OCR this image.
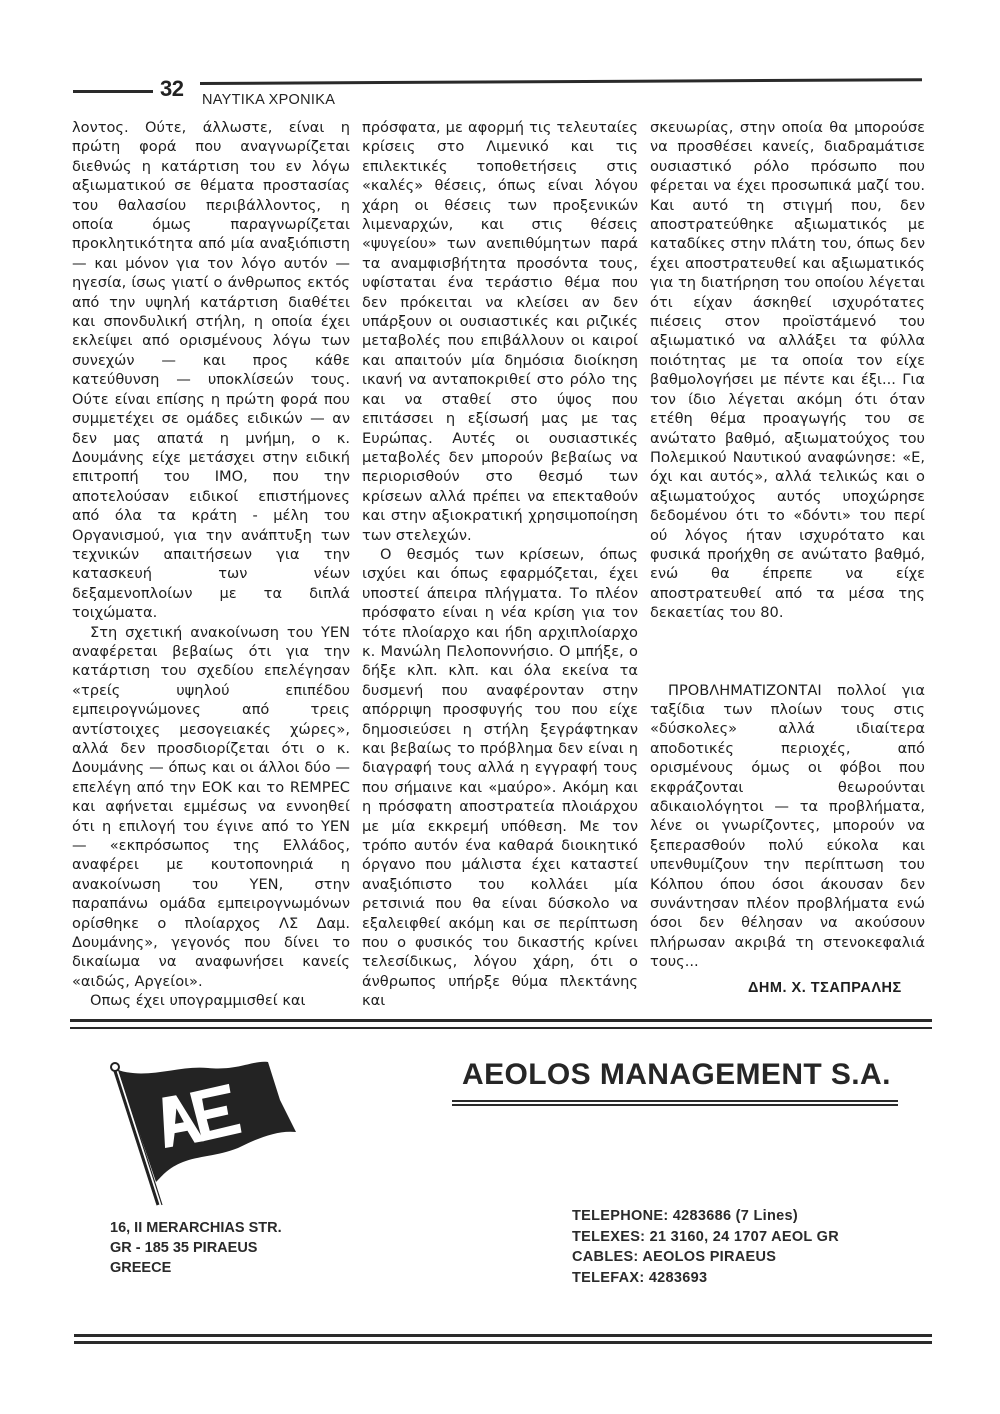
32 ΝΑΥΤΙΚΑ ΧΡΟΝΙΚΑ

λοντος. Ούτε, άλλωστε, είναι η πρώτη φορά που αναγνωρίζεται διεθνώς η κατάρτιση του εν λόγω αξιωματικού σε θέματα προστασίας του θαλασίου περιβάλλοντος, η οποία όμως παραγνωρίζεται προκλητικότητα από μία αναξιόπιστη — και μόνον για τον λόγο αυτόν — ηγεσία, ίσως γιατί ο άνθρωπος εκτός από την υψηλή κατάρτιση διαθέτει και σπονδυλική στήλη, η οποία έχει εκλείψει από ορισμένους λόγω των συνεχών — και προς κάθε κατεύθυνση — υποκλίσεών τους. Ούτε είναι επίσης η πρώτη φορά που συμμετέχει σε ομάδες ειδικών — αν δεν μας απατά η μνήμη, ο κ. Δουμάνης είχε μετάσχει στην ειδική επιτροπή του ΙΜΟ, που την αποτελούσαν ειδικοί επιστήμονες από όλα τα κράτη - μέλη του Οργανισμού, για την ανάπτυξη των τεχνικών απαιτήσεων για την κατασκευή των νέων δεξαμενοπλοίων με τα διπλά τοιχώματα.

Στη σχετική ανακοίνωση του ΥΕΝ αναφέρεται βεβαίως ότι για την κατάρτιση του σχεδίου επελέγησαν «τρείς υψηλού επιπέδου εμπειρογνώμονες από τρεις αντίστοιχες μεσογειακές χώρες», αλλά δεν προσδιορίζεται ότι ο κ. Δουμάνης — όπως και οι άλλοι δύο — επελέγη από την ΕΟΚ και το REMPEC και αφήνεται εμμέσως να εννοηθεί ότι η επιλογή του έγινε από το ΥΕΝ — «εκπρόσωπος της Ελλάδος, αναφέρει με κουτοπονηριά η ανακοίνωση του ΥΕΝ, στην παραπάνω ομάδα εμπειρογνωμόνων ορίσθηκε ο πλοίαρχος ΛΣ Δαμ. Δουμάνης», γεγονός που δίνει το δικαίωμα να αναφωνήσει κανείς «αιδώς, Αργείοι».

Οπως έχει υπογραμμισθεί και

πρόσφατα, με αφορμή τις τελευταίες κρίσεις στο Λιμενικό και τις επιλεκτικές τοποθετήσεις στις «καλές» θέσεις, όπως είναι λόγου χάρη οι θέσεις των προξενικών λιμεναρχών, και στις θέσεις «ψυγείου» των ανεπιθύμητων παρά τα αναμφισβήτητα προσόντα τους, υφίσταται ένα τεράστιο θέμα που δεν πρόκειται να κλείσει αν δεν υπάρξουν οι ουσιαστικές και ριζικές μεταβολές που επιβάλλουν οι καιροί και απαιτούν μία δημόσια διοίκηση ικανή να ανταποκριθεί στο ρόλο της και να σταθεί στο ύψος που επιτάσσει η εξίσωσή μας με τας Ευρώπας. Αυτές οι ουσιαστικές μεταβολές δεν μπορούν βεβαίως να περιορισθούν στο θεσμό των κρίσεων αλλά πρέπει να επεκταθούν και στην αξιοκρατική χρησιμοποίηση των στελεχών.

Ο θεσμός των κρίσεων, όπως ισχύει και όπως εφαρμόζεται, έχει υποστεί άπειρα πλήγματα. Το πλέον πρόσφατο είναι η νέα κρίση για τον τότε πλοίαρχο και ήδη αρχιπλοίαρχο κ. Μανώλη Πελοποννήσιο. Ο μπήξε, ο δήξε κλπ. κλπ. και όλα εκείνα τα δυσμενή που αναφέρονταν στην απόρριψη προσφυγής του που είχε δημοσιεύσει η στήλη ξεγράφτηκαν και βεβαίως το πρόβλημα δεν είναι η διαγραφή τους αλλά η εγγραφή τους που σήμαινε και «μαύρο». Ακόμη και η πρόσφατη αποστρατεία πλοιάρχου με μία εκκρεμή υπόθεση. Με τον τρόπο αυτόν ένα καθαρά διοικητικό όργανο που μάλιστα έχει καταστεί αναξιόπιστο του κολλάει μία ρετσινιά που θα είναι δύσκολο να εξαλειφθεί ακόμη και σε περίπτωση που ο φυσικός του δικαστής κρίνει τελεσίδικως, λόγου χάρη, ότι ο άνθρωπος υπήρξε θύμα πλεκτάνης και

σκευωρίας, στην οποία θα μπορούσε να προσθέσει κανείς, διαδραμάτισε ουσιαστικό ρόλο πρόσωπο που φέρεται να έχει προσωπικά μαζί του. Και αυτό τη στιγμή που, δεν αποστρατεύθηκε αξιωματικός με καταδίκες στην πλάτη του, όπως δεν έχει αποστρατευθεί και αξιωματικός για τη διατήρηση του οποίου λέγεται ότι είχαν άσκηθεί ισχυρότατες πιέσεις στον προϊστάμενό του αξιωματικό να αλλάξει τα φύλλα ποιότητας με τα οποία τον είχε βαθμολογήσει με πέντε και έξι... Για τον ίδιο λέγεται ακόμη ότι όταν ετέθη θέμα προαγωγής του σε ανώτατο βαθμό, αξιωματούχος του Πολεμικού Ναυτικού αναφώνησε: «Ε, όχι και αυτός», αλλά τελικώς και ο αξιωματούχος αυτός υποχώρησε δεδομένου ότι το «δόντι» του περί ού λόγος ήταν ισχυρότατο και φυσικά προήχθη σε ανώτατο βαθμό, ενώ θα έπρεπε να είχε αποστρατευθεί από τα μέσα της δεκαετίας του 80.

ΠΡΟΒΛΗΜΑΤΙΖΟΝΤΑΙ πολλοί για ταξίδια των πλοίων τους στις «δύσκολες» αλλά ιδιαίτερα αποδοτικές περιοχές, από ορισμένους όμως οι φόβοι που εκφράζονται θεωρούνται αδικαιολόγητοι — τα προβλήματα, λένε οι γνωρίζοντες, μπορούν να ξεπερασθούν πολύ εύκολα και υπενθυμίζουν την περίπτωση του Κόλπου όπου όσοι άκουσαν δεν συνάντησαν πλέον προβλήματα ενώ όσοι δεν θέλησαν να ακούσουν πλήρωσαν ακριβά τη στενοκεφαλιά τους...

ΔΗΜ. Χ. ΤΣΑΠΡΑΛΗΣ
AEOLOS MANAGEMENT S.A.
16, II MERARCHIAS STR.
GR - 185 35 PIRAEUS
GREECE
TELEPHONE: 4283686 (7 Lines)
TELEXES: 21 3160, 24 1707 AEOL GR
CABLES: AEOLOS PIRAEUS
TELEFAX: 4283693
